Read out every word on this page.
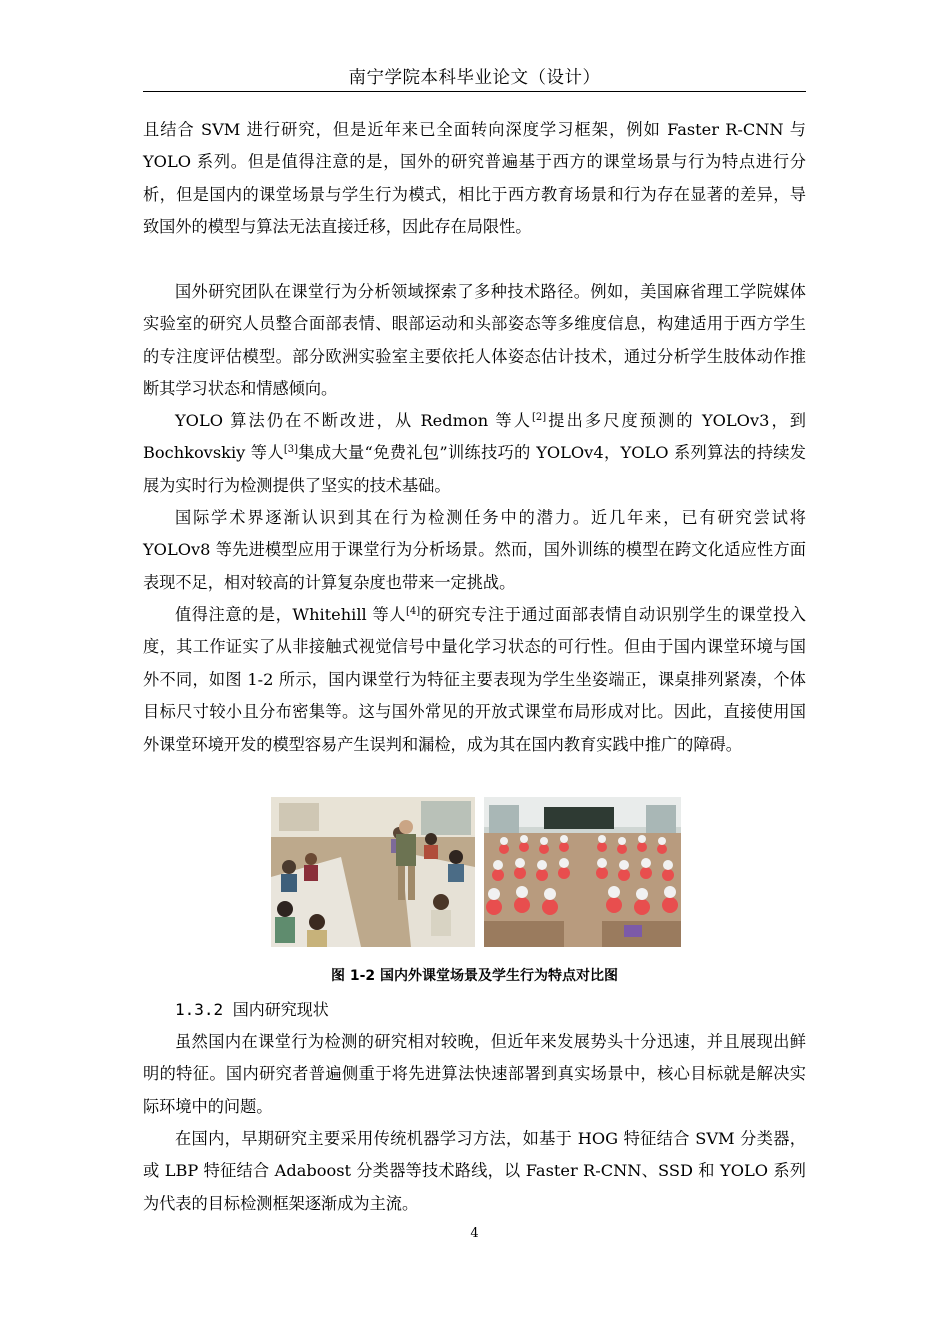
南宁学院本科毕业论文（设计）

且结合 SVM 进行研究，但是近年来已全面转向深度学习框架，例如 Faster R-CNN 与 YOLO 系列。但是值得注意的是，国外的研究普遍基于西方的课堂场景与行为特点进行分析，但是国内的课堂场景与学生行为模式，相比于西方教育场景和行为存在显著的差异，导致国外的模型与算法无法直接迁移，因此存在局限性。

国外研究团队在课堂行为分析领域探索了多种技术路径。例如，美国麻省理工学院媒体实验室的研究人员整合面部表情、眼部运动和头部姿态等多维度信息，构建适用于西方学生的专注度评估模型。部分欧洲实验室主要依托人体姿态估计技术，通过分析学生肢体动作推断其学习状态和情感倾向。

YOLO 算法仍在不断改进，从 Redmon 等人[2]提出多尺度预测的 YOLOv3，到 Bochkovskiy 等人[3]集成大量“免费礼包”训练技巧的 YOLOv4，YOLO 系列算法的持续发展为实时行为检测提供了坚实的技术基础。

国际学术界逐渐认识到其在行为检测任务中的潜力。近几年来，已有研究尝试将 YOLOv8 等先进模型应用于课堂行为分析场景。然而，国外训练的模型在跨文化适应性方面表现不足，相对较高的计算复杂度也带来一定挑战。

值得注意的是，Whitehill 等人[4]的研究专注于通过面部表情自动识别学生的课堂投入度，其工作证实了从非接触式视觉信号中量化学习状态的可行性。但由于国内课堂环境与国外不同，如图 1-2 所示，国内课堂行为特征主要表现为学生坐姿端正，课桌排列紧凑，个体目标尺寸较小且分布密集等。这与国外常见的开放式课堂布局形成对比。因此，直接使用国外课堂环境开发的模型容易产生误判和漏检，成为其在国内教育实践中推广的障碍。

图 1-2 国内外课堂场景及学生行为特点对比图
1.3.2 国内研究现状

虽然国内在课堂行为检测的研究相对较晚，但近年来发展势头十分迅速，并且展现出鲜明的特征。国内研究者普遍侧重于将先进算法快速部署到真实场景中，核心目标就是解决实际环境中的问题。

在国内，早期研究主要采用传统机器学习方法，如基于 HOG 特征结合 SVM 分类器，或 LBP 特征结合 Adaboost 分类器等技术路线，以 Faster R-CNN、SSD 和 YOLO 系列为代表的目标检测框架逐渐成为主流。

4
